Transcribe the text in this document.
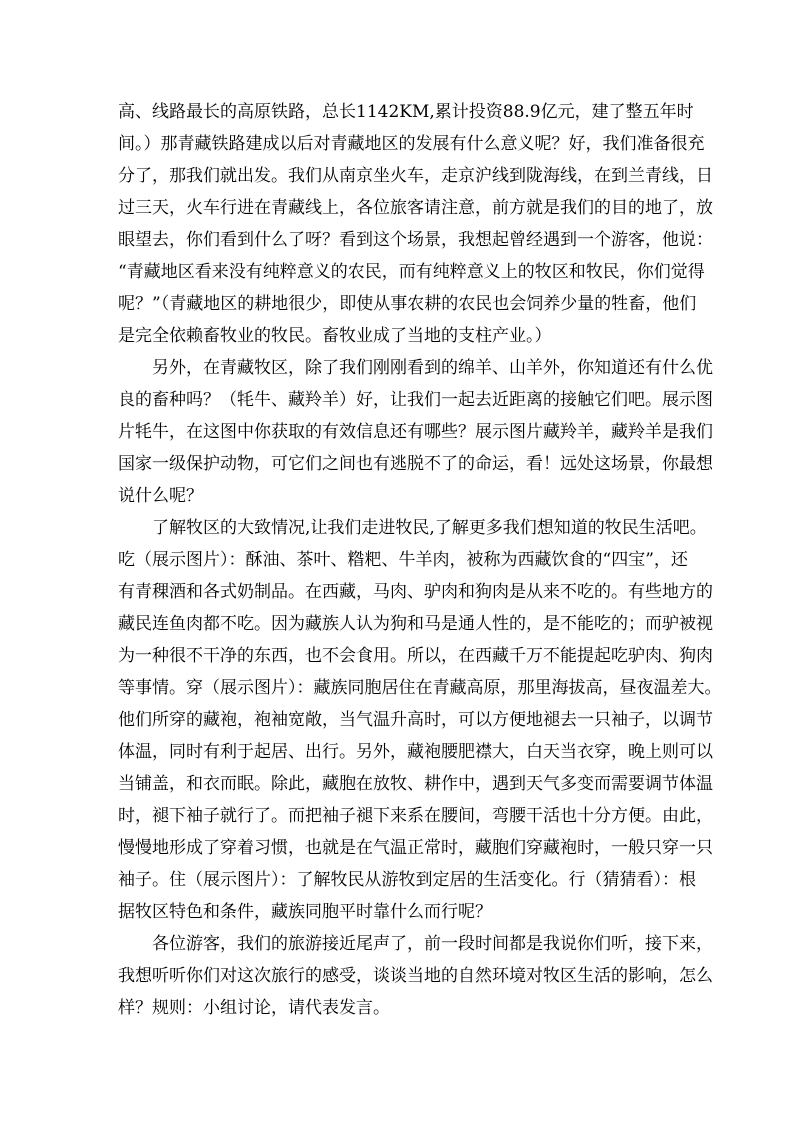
高、线路最长的高原铁路，总长1142KM,累计投资88.9亿元，建了整五年时
间。）那青藏铁路建成以后对青藏地区的发展有什么意义呢？好，我们准备很充
分了，那我们就出发。我们从南京坐火车，走京沪线到陇海线，在到兰青线，日
过三天，火车行进在青藏线上，各位旅客请注意，前方就是我们的目的地了，放
眼望去，你们看到什么了呀？看到这个场景，我想起曾经遇到一个游客，他说：
“青藏地区看来没有纯粹意义的农民，而有纯粹意义上的牧区和牧民，你们觉得
呢？”（青藏地区的耕地很少，即使从事农耕的农民也会饲养少量的牲畜，他们
是完全依赖畜牧业的牧民。畜牧业成了当地的支柱产业。）
另外，在青藏牧区，除了我们刚刚看到的绵羊、山羊外，你知道还有什么优
良的畜种吗？（牦牛、藏羚羊）好，让我们一起去近距离的接触它们吧。展示图
片牦牛，在这图中你获取的有效信息还有哪些？展示图片藏羚羊，藏羚羊是我们
国家一级保护动物，可它们之间也有逃脱不了的命运，看！远处这场景，你最想
说什么呢？
了解牧区的大致情况,让我们走进牧民,了解更多我们想知道的牧民生活吧。
吃（展示图片）：酥油、茶叶、糌粑、牛羊肉，被称为西藏饮食的“四宝”，还
有青稞酒和各式奶制品。在西藏，马肉、驴肉和狗肉是从来不吃的。有些地方的
藏民连鱼肉都不吃。因为藏族人认为狗和马是通人性的，是不能吃的；而驴被视
为一种很不干净的东西，也不会食用。所以，在西藏千万不能提起吃驴肉、狗肉
等事情。穿（展示图片）：藏族同胞居住在青藏高原，那里海拔高，昼夜温差大。
他们所穿的藏袍，袍袖宽敞，当气温升高时，可以方便地褪去一只袖子，以调节
体温，同时有利于起居、出行。另外，藏袍腰肥襟大，白天当衣穿，晚上则可以
当铺盖，和衣而眠。除此，藏胞在放牧、耕作中，遇到天气多变而需要调节体温
时，褪下袖子就行了。而把袖子褪下来系在腰间，弯腰干活也十分方便。由此，
慢慢地形成了穿着习惯，也就是在气温正常时，藏胞们穿藏袍时，一般只穿一只
袖子。住（展示图片）：了解牧民从游牧到定居的生活变化。行（猜猜看）：根
据牧区特色和条件，藏族同胞平时靠什么而行呢？
各位游客，我们的旅游接近尾声了，前一段时间都是我说你们听，接下来，
我想听听你们对这次旅行的感受，谈谈当地的自然环境对牧区生活的影响，怎么
样？规则：小组讨论，请代表发言。
